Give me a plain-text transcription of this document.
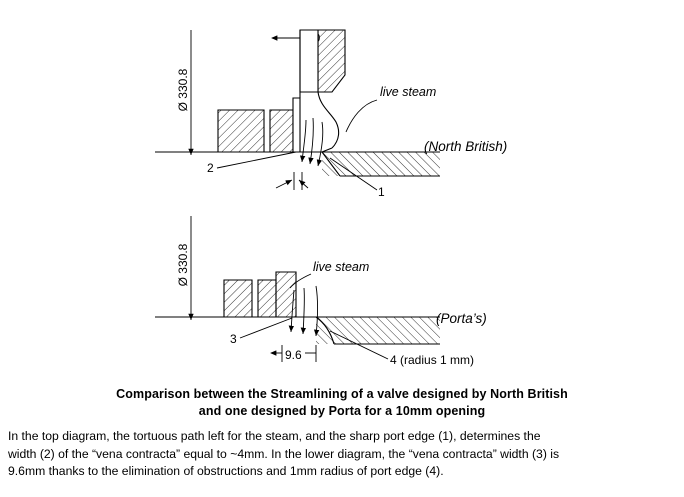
Ø 330.8	live steam
2
1
(North British)
Ø 330.8	live steam
3
9.6	4 (radius 1 mm)
(Porta’s)
Comparison between the Streamlining of a valve designed by North British
and one designed by Porta for a 10mm opening
In the top diagram, the tortuous path left for the steam, and the sharp port edge (1), determines the
width (2) of the “vena contracta” equal to ~4mm. In the lower diagram, the “vena contracta” width (3) is
9.6mm thanks to the elimination of obstructions and 1mm radius of port edge (4).
